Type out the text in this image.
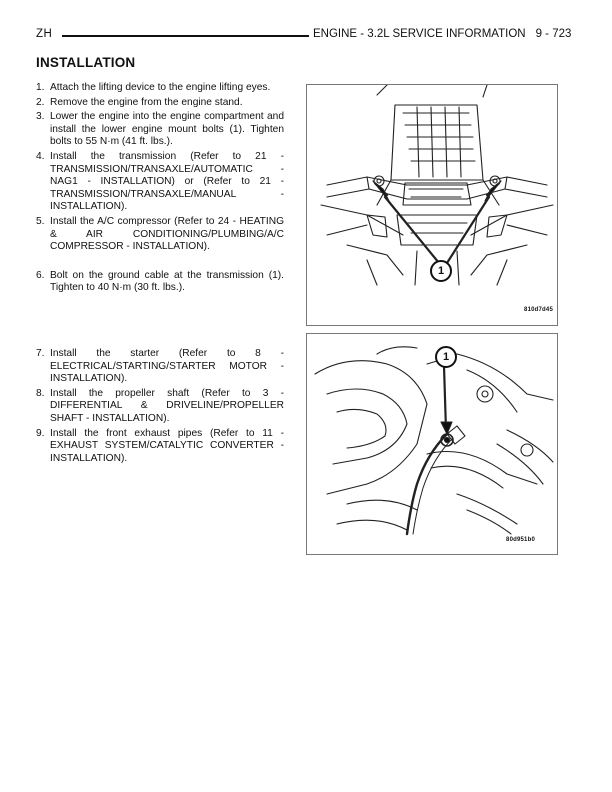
ZH	ENGINE - 3.2L SERVICE INFORMATION 9 - 723
INSTALLATION
1. Attach the lifting device to the engine lifting eyes.
2. Remove the engine from the engine stand.
3. Lower the engine into the engine compartment and install the lower engine mount bolts (1). Tighten bolts to 55 N·m (41 ft. lbs.).
4. Install the transmission (Refer to 21 - TRANSMISSION/TRANSAXLE/AUTOMATIC - NAG1 - INSTALLATION) or (Refer to 21 - TRANSMISSION/TRANSAXLE/MANUAL - INSTALLATION).
5. Install the A/C compressor (Refer to 24 - HEATING & AIR CONDITIONING/PLUMBING/A/C COMPRESSOR - INSTALLATION).
6. Bolt on the ground cable at the transmission (1). Tighten to 40 N·m (30 ft. lbs.).
7. Install the starter (Refer to 8 - ELECTRICAL/STARTING/STARTER MOTOR - INSTALLATION).
8. Install the propeller shaft (Refer to 3 - DIFFERENTIAL & DRIVELINE/PROPELLER SHAFT - INSTALLATION).
9. Install the front exhaust pipes (Refer to 11 - EXHAUST SYSTEM/CATALYTIC CONVERTER - INSTALLATION).
1
810d7d45
1
80d951b0
